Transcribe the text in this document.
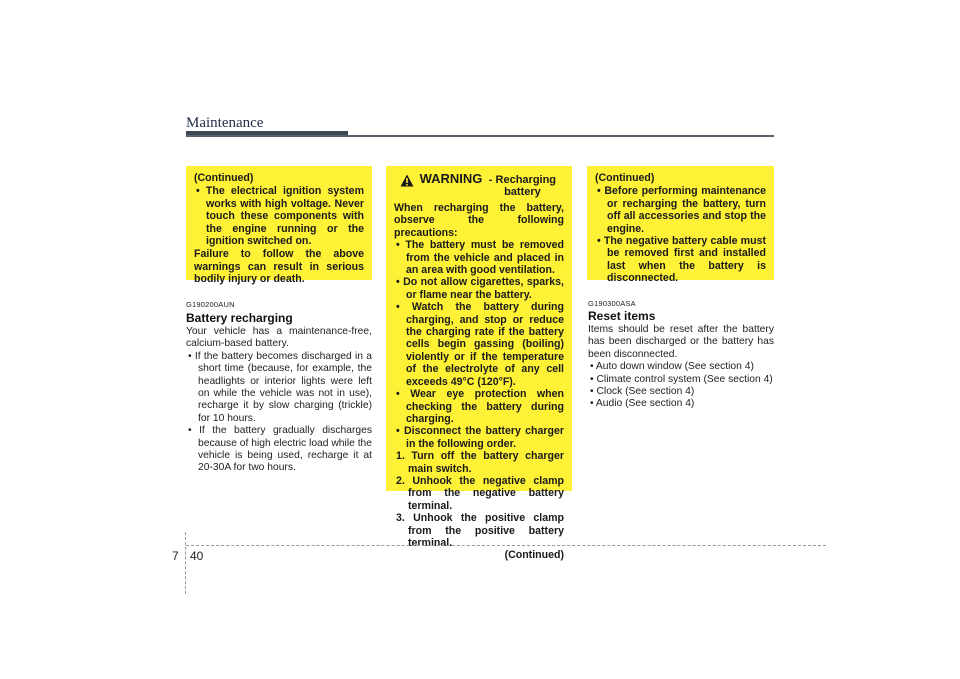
Maintenance
(Continued)
• The electrical ignition system works with high voltage. Never touch these components with the engine running or the ignition switched on.
Failure to follow the above warnings can result in serious bodily injury or death.
G190200AUN
Battery recharging
Your vehicle has a maintenance-free, calcium-based battery.
• If the battery becomes discharged in a short time (because, for example, the headlights or interior lights were left on while the vehicle was not in use), recharge it by slow charging (trickle) for 10 hours.
• If the battery gradually discharges because of high electric load while the vehicle is being used, recharge it at 20-30A for two hours.
WARNING - Recharging battery
When recharging the battery, observe the following precautions:
• The battery must be removed from the vehicle and placed in an area with good ventilation.
• Do not allow cigarettes, sparks, or flame near the battery.
• Watch the battery during charging, and stop or reduce the charging rate if the battery cells begin gassing (boiling) violently or if the temperature of the electrolyte of any cell exceeds 49°C (120°F).
• Wear eye protection when checking the battery during charging.
• Disconnect the battery charger in the following order.
1. Turn off the battery charger main switch.
2. Unhook the negative clamp from the negative battery terminal.
3. Unhook the positive clamp from the positive battery terminal.
(Continued)
(Continued)
• Before performing maintenance or recharging the battery, turn off all accessories and stop the engine.
• The negative battery cable must be removed first and installed last when the battery is disconnected.
G190300ASA
Reset items
Items should be reset after the battery has been discharged or the battery has been disconnected.
• Auto down window (See section 4)
• Climate control system (See section 4)
• Clock (See section 4)
• Audio (See section 4)
7 40
